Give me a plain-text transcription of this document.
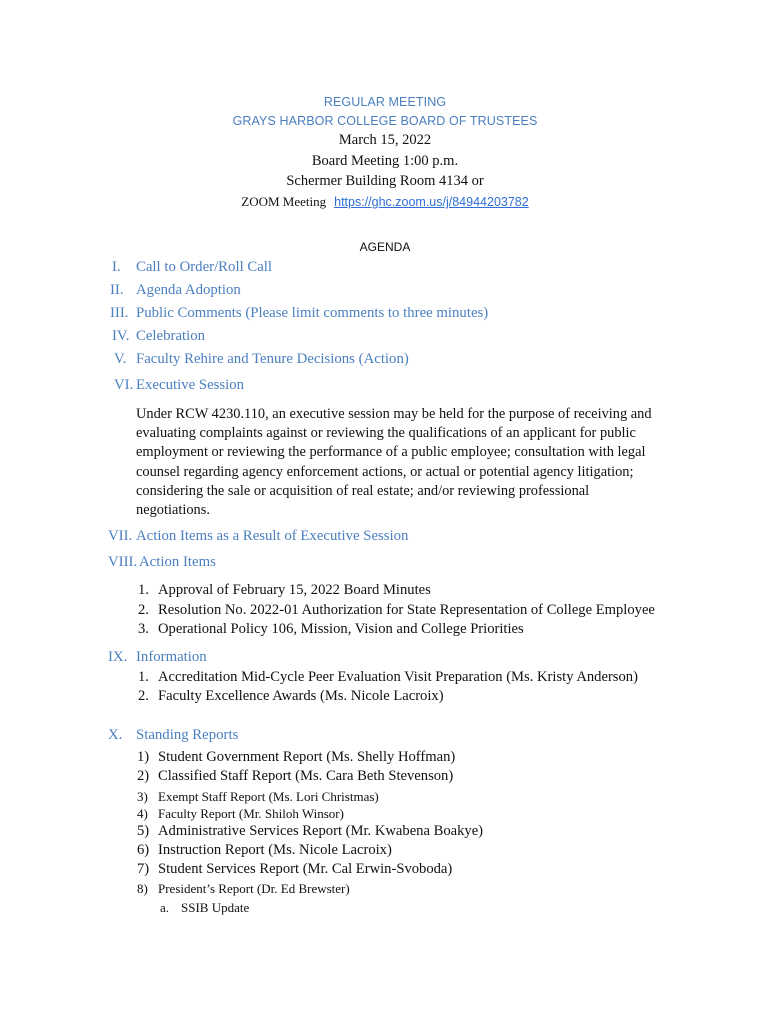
REGULAR MEETING
GRAYS HARBOR COLLEGE BOARD OF TRUSTEES
March 15, 2022
Board Meeting 1:00 p.m.
Schermer Building Room 4134 or
ZOOM Meeting https://ghc.zoom.us/j/84944203782
AGENDA
I. Call to Order/Roll Call
II. Agenda Adoption
III. Public Comments (Please limit comments to three minutes)
IV. Celebration
V. Faculty Rehire and Tenure Decisions (Action)
VI. Executive Session
Under RCW 4230.110, an executive session may be held for the purpose of receiving and
evaluating complaints against or reviewing the qualifications of an applicant for public
employment or reviewing the performance of a public employee; consultation with legal
counsel regarding agency enforcement actions, or actual or potential agency litigation;
considering the sale or acquisition of real estate; and/or reviewing professional
negotiations.
VII. Action Items as a Result of Executive Session
VIII. Action Items
1. Approval of February 15, 2022 Board Minutes
2. Resolution No. 2022-01 Authorization for State Representation of College Employee
3. Operational Policy 106, Mission, Vision and College Priorities
IX. Information
1. Accreditation Mid-Cycle Peer Evaluation Visit Preparation (Ms. Kristy Anderson)
2. Faculty Excellence Awards (Ms. Nicole Lacroix)
X. Standing Reports
1) Student Government Report (Ms. Shelly Hoffman)
2) Classified Staff Report (Ms. Cara Beth Stevenson)
3) Exempt Staff Report (Ms. Lori Christmas)
4) Faculty Report (Mr. Shiloh Winsor)
5) Administrative Services Report (Mr. Kwabena Boakye)
6) Instruction Report (Ms. Nicole Lacroix)
7) Student Services Report (Mr. Cal Erwin-Svoboda)
8) President’s Report (Dr. Ed Brewster)
a. SSIB Update
